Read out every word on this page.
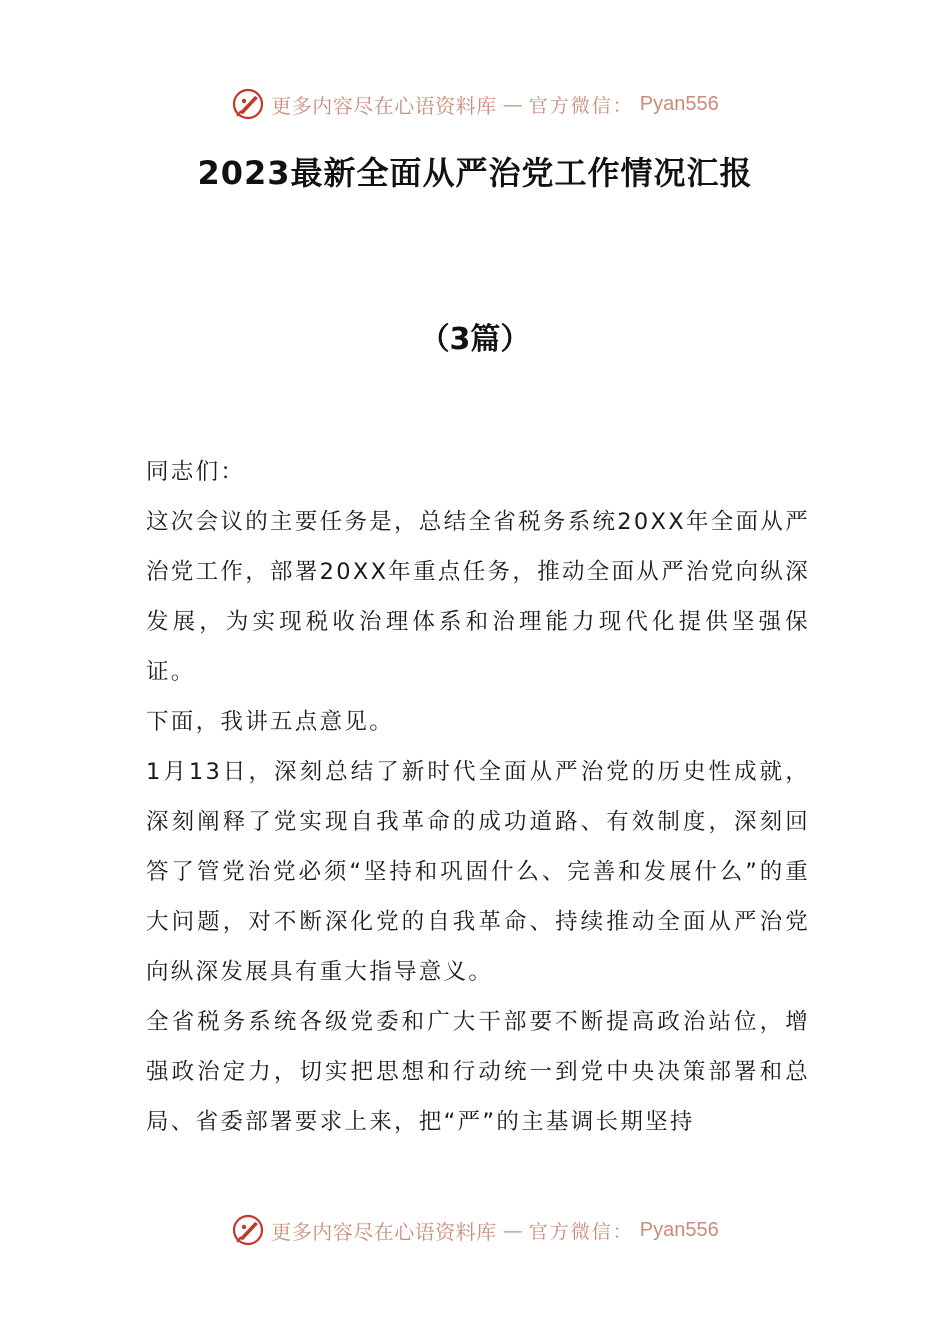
更多内容尽在心语资料库 — 官方微信： Pyan556
2023最新全面从严治党工作情况汇报
（3篇）

同志们：

这次会议的主要任务是，总结全省税务系统20XX年全面从严治党工作，部署20XX年重点任务，推动全面从严治党向纵深发展，为实现税收治理体系和治理能力现代化提供坚强保证。

下面，我讲五点意见。

1月13日，深刻总结了新时代全面从严治党的历史性成就，深刻阐释了党实现自我革命的成功道路、有效制度，深刻回答了管党治党必须“坚持和巩固什么、完善和发展什么”的重大问题，对不断深化党的自我革命、持续推动全面从严治党向纵深发展具有重大指导意义。

全省税务系统各级党委和广大干部要不断提高政治站位，增强政治定力，切实把思想和行动统一到党中央决策部署和总局、省委部署要求上来，把“严”的主基调长期坚持

更多内容尽在心语资料库 — 官方微信： Pyan556
